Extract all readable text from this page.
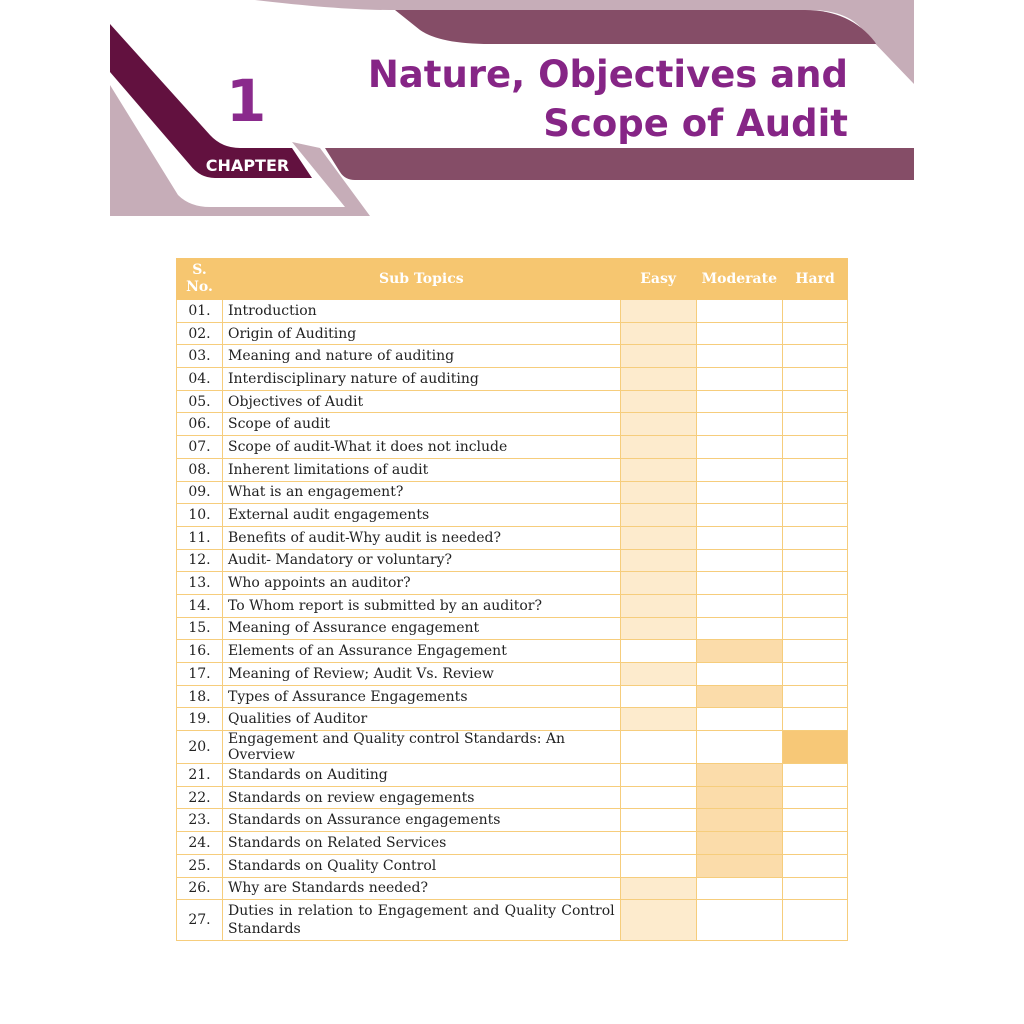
1
CHAPTER
Nature, Objectives and
Scope of Audit
S. No.	Sub Topics	Easy	Moderate	Hard
01.	Introduction			
02.	Origin of Auditing			
03.	Meaning and nature of auditing			
04.	Interdisciplinary nature of auditing			
05.	Objectives of Audit			
06.	Scope of audit			
07.	Scope of audit-What it does not include			
08.	Inherent limitations of audit			
09.	What is an engagement?			
10.	External audit engagements			
11.	Benefits of audit-Why audit is needed?			
12.	Audit- Mandatory or voluntary?			
13.	Who appoints an auditor?			
14.	To Whom report is submitted by an auditor?			
15.	Meaning of Assurance engagement			
16.	Elements of an Assurance Engagement			
17.	Meaning of Review; Audit Vs. Review			
18.	Types of Assurance Engagements			
19.	Qualities of Auditor			
20.	Engagement and Quality control Standards: An Overview			
21.	Standards on Auditing			
22.	Standards on review engagements			
23.	Standards on Assurance engagements			
24.	Standards on Related Services			
25.	Standards on Quality Control			
26.	Why are Standards needed?			
27.	Duties in relation to Engagement and Quality Control Standards			
